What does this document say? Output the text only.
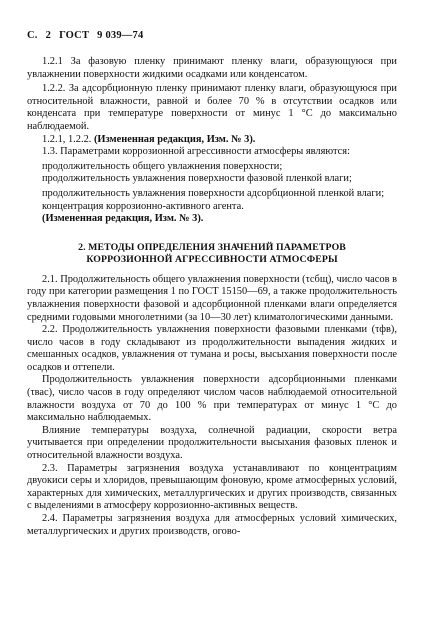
С. 2 ГОСТ 9 039—74

1.2.1 За фазовую пленку принимают пленку влаги, образующуюся при увлажнении поверхности жидкими осадками или конденсатом.

1.2.2. За адсорбционную пленку принимают пленку влаги, образующуюся при относительной влажности, равной и более 70 % в отсутствии осадков или конденсата при температуре поверхности от минус 1 °С до максимально наблюдаемой.

1.2.1, 1.2.2. (Измененная редакция, Изм. № 3).

1.3. Параметрами коррозионной агрессивности атмосферы являются:

продолжительность общего увлажнения поверхности;

продолжительность увлажнения поверхности фазовой пленкой влаги;

продолжительность увлажнения поверхности адсорбционной пленкой влаги;

концентрация коррозионно-активного агента.

(Измененная редакция, Изм. № 3).

2. МЕТОДЫ ОПРЕДЕЛЕНИЯ ЗНАЧЕНИЙ ПАРАМЕТРОВ
КОРРОЗИОННОЙ АГРЕССИВНОСТИ АТМОСФЕРЫ

2.1. Продолжительность общего увлажнения поверхности (τсбщ), число часов в году при категории размещения 1 по ГОСТ 15150—69, а также продолжительность увлажнения поверхности фазовой и адсорбционной пленками влаги определяется средними годовыми многолетними (за 10—30 лет) климатологическими данными.

2.2. Продолжительность увлажнения поверхности фазовыми пленками (τфв), число часов в году складывают из продолжительности выпадения жидких и смешанных осадков, увлажнения от тумана и росы, высыхания поверхности после осадков и оттепели.

Продолжительность увлажнения поверхности адсорбционными пленками (τвас), число часов в году определяют числом часов наблюдаемой относительной влажности воздуха от 70 до 100 % при температурах от минус 1 °С до максимально наблюдаемых.

Влияние температуры воздуха, солнечной радиации, скорости ветра учитывается при определении продолжительности высыхания фазовых пленок и относительной влажности воздуха.

2.3. Параметры загрязнения воздуха устанавливают по концентрациям двуокиси серы и хлоридов, превышающим фоновую, кроме атмосферных условий, характерных для химических, металлургических и других производств, связанных с выделениями в атмосферу коррозионно-активных веществ.

2.4. Параметры загрязнения воздуха для атмосферных условий химических, металлургических и других производств, огово-
